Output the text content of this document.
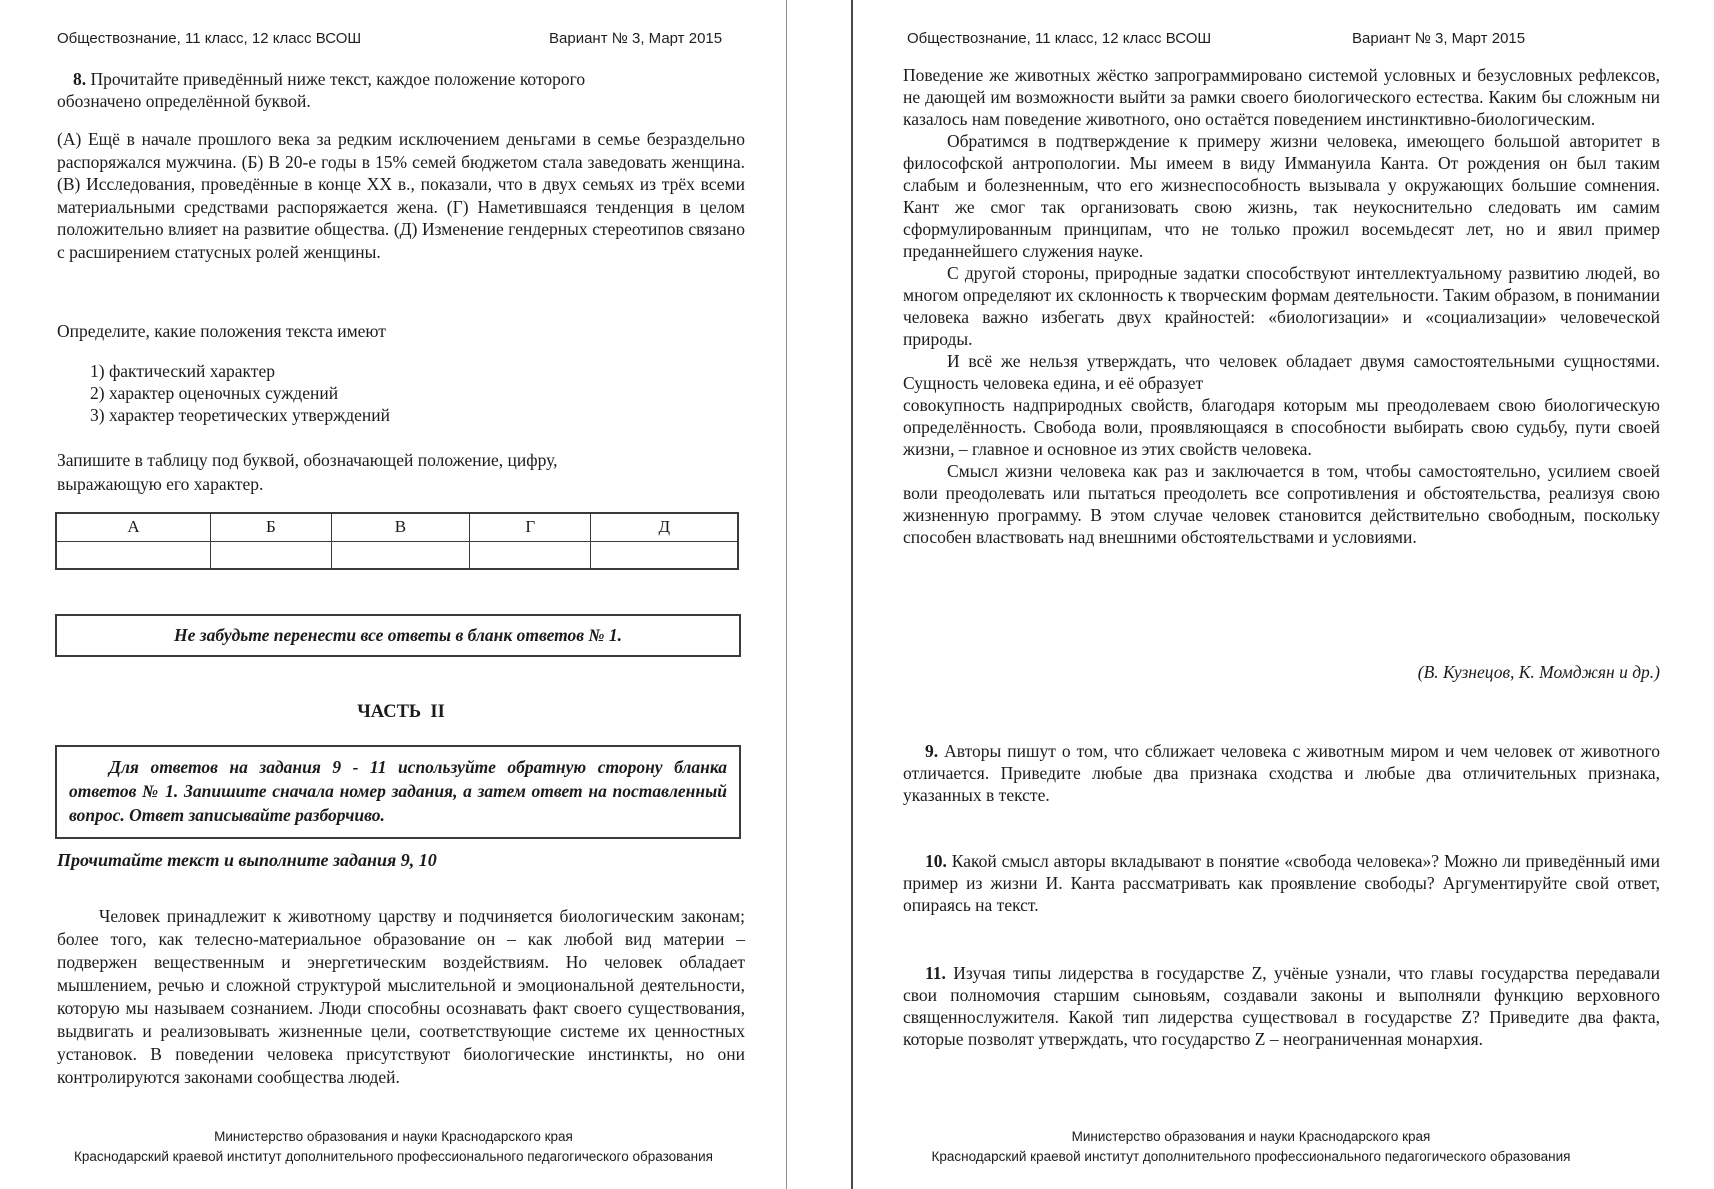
Обществознание, 11 класс, 12 класс ВСОШ	Вариант № 3, Март 2015
8. Прочитайте приведённый ниже текст, каждое положение которого
обозначено определённой буквой.
(А) Ещё в начале прошлого века за редким исключением деньгами в семье безраздельно распоряжался мужчина. (Б) В 20-е годы в 15% семей бюджетом стала заведовать женщина. (В) Исследования, проведённые в конце XX в., показали, что в двух семьях из трёх всеми материальными средствами распоряжается жена. (Г) Наметившаяся тенденция в целом положительно влияет на развитие общества. (Д) Изменение гендерных стереотипов связано с расширением статусных ролей женщины.
Определите, какие положения текста имеют
1) фактический характер
2) характер оценочных суждений
3) характер теоретических утверждений
Запишите в таблицу под буквой, обозначающей положение, цифру,
выражающую его характер.
А	Б	В	Г	Д

Не забудьте перенести все ответы в бланк ответов № 1.
ЧАСТЬ  II
Для ответов на задания 9 - 11 используйте обратную сторону бланка ответов № 1. Запишите сначала номер задания, а затем ответ на поставленный вопрос. Ответ записывайте разборчиво.
Прочитайте текст и выполните задания 9, 10
Человек принадлежит к животному царству и подчиняется биологическим законам; более того, как телесно-материальное образование он – как любой вид материи – подвержен вещественным и энергетическим воздействиям. Но человек обладает мышлением, речью и сложной структурой мыслительной и эмоциональной деятельности, которую мы называем сознанием. Люди способны осознавать факт своего существования, выдвигать и реализовывать жизненные цели, соответствующие системе их ценностных установок. В поведении человека присутствуют биологические инстинкты, но они контролируются законами сообщества людей.
Министерство образования и науки Краснодарского края
Краснодарский краевой институт дополнительного профессионального педагогического образования
Обществознание, 11 класс, 12 класс ВСОШ	Вариант № 3, Март 2015

Поведение же животных жёстко запрограммировано системой условных и безусловных рефлексов, не дающей им возможности выйти за рамки своего биологического естества. Каким бы сложным ни казалось нам поведение животного, оно остаётся поведением инстинктивно-биологическим.

Обратимся в подтверждение к примеру жизни человека, имеющего большой авторитет в философской антропологии. Мы имеем в виду Иммануила Канта. От рождения он был таким слабым и болезненным, что его жизнеспособность вызывала у окружающих большие сомнения. Кант же смог так организовать свою жизнь, так неукоснительно следовать им самим сформулированным принципам, что не только прожил восемьдесят лет, но и явил пример преданнейшего служения науке.

С другой стороны, природные задатки способствуют интеллектуальному развитию людей, во многом определяют их склонность к творческим формам деятельности. Таким образом, в понимании человека важно избегать двух крайностей: «биологизации» и «социализации» человеческой природы.

И всё же нельзя утверждать, что человек обладает двумя самостоятельными сущностями. Сущность человека едина, и её образует
совокупность надприродных свойств, благодаря которым мы преодолеваем свою биологическую определённость. Свобода воли, проявляющаяся в способности выбирать свою судьбу, пути своей жизни, – главное и основное из этих свойств человека.

Смысл жизни человека как раз и заключается в том, чтобы самостоятельно, усилием своей воли преодолевать или пытаться преодолеть все сопротивления и обстоятельства, реализуя свою жизненную программу. В этом случае человек становится действительно свободным, поскольку способен властвовать над внешними обстоятельствами и условиями.

(В. Кузнецов, К. Момджян и др.)
9. Авторы пишут о том, что сближает человека с животным миром и чем человек от животного отличается. Приведите любые два признака сходства и любые два отличительных признака, указанных в тексте.
10. Какой смысл авторы вкладывают в понятие «свобода человека»? Можно ли приведённый ими пример из жизни И. Канта рассматривать как проявление свободы? Аргументируйте свой ответ, опираясь на текст.
11. Изучая типы лидерства в государстве Z, учёные узнали, что главы государства передавали свои полномочия старшим сыновьям, создавали законы и выполняли функцию верховного священнослужителя. Какой тип лидерства существовал в государстве Z? Приведите два факта, которые позволят утверждать, что государство Z – неограниченная монархия.
Министерство образования и науки Краснодарского края
Краснодарский краевой институт дополнительного профессионального педагогического образования
